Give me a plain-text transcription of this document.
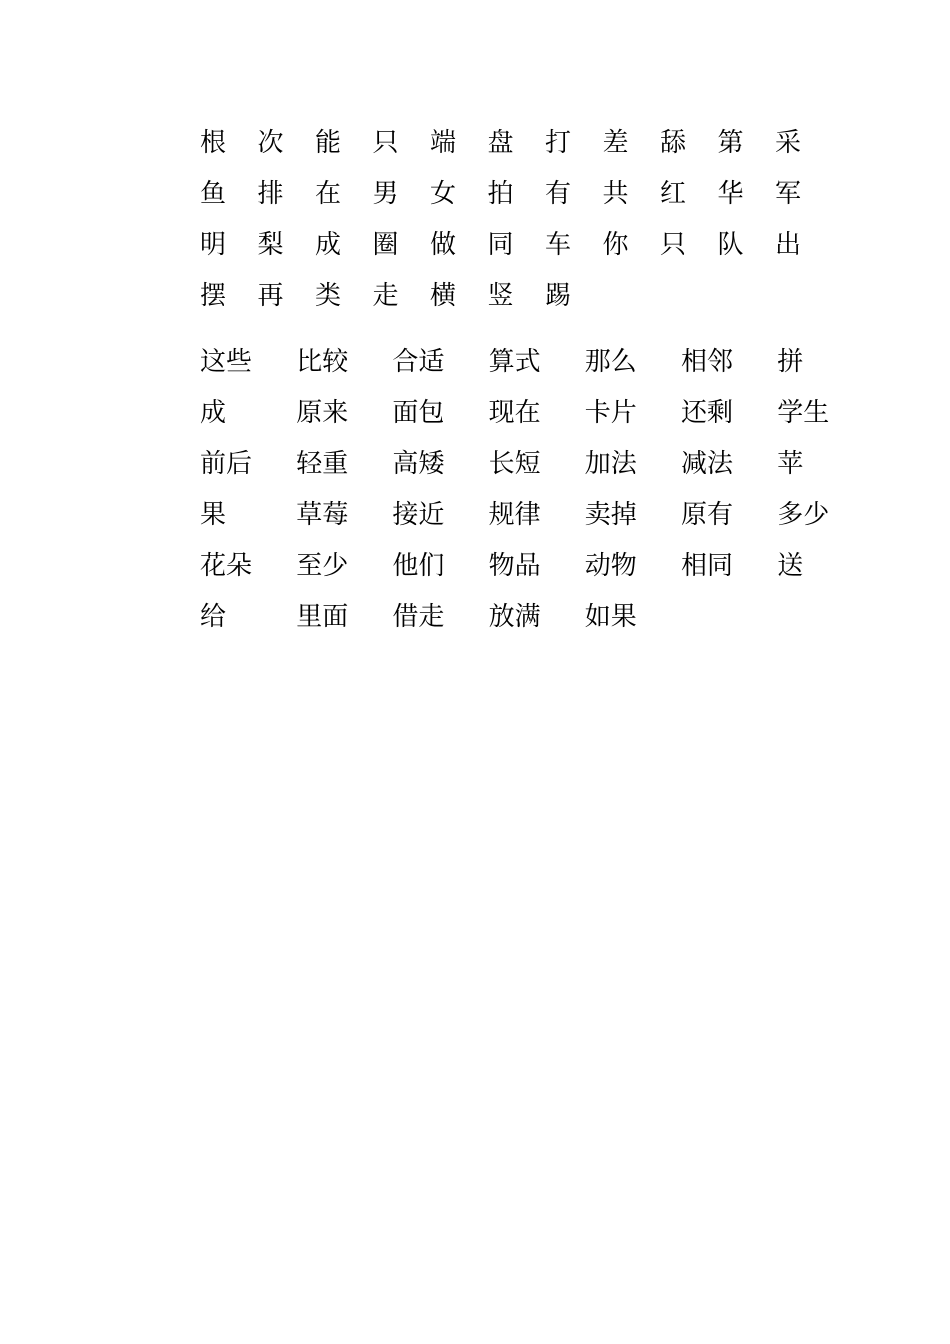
根 次 能 只 端 盘 打 差 舔 第 采
鱼 排 在 男 女 拍 有 共 红 华 军
明 梨 成 圈 做 同 车 你 只 队 出
摆 再 类 走 横 竖 踢
这些 比较 合适 算式 那么 相邻 拼
成	原来 面包 现在 卡片 还剩 学生
前后 轻重 高矮 长短 加法 减法 苹
果	草莓 接近 规律 卖掉 原有 多少
花朵 至少 他们 物品 动物 相同 送
给	里面 借走 放满 如果
